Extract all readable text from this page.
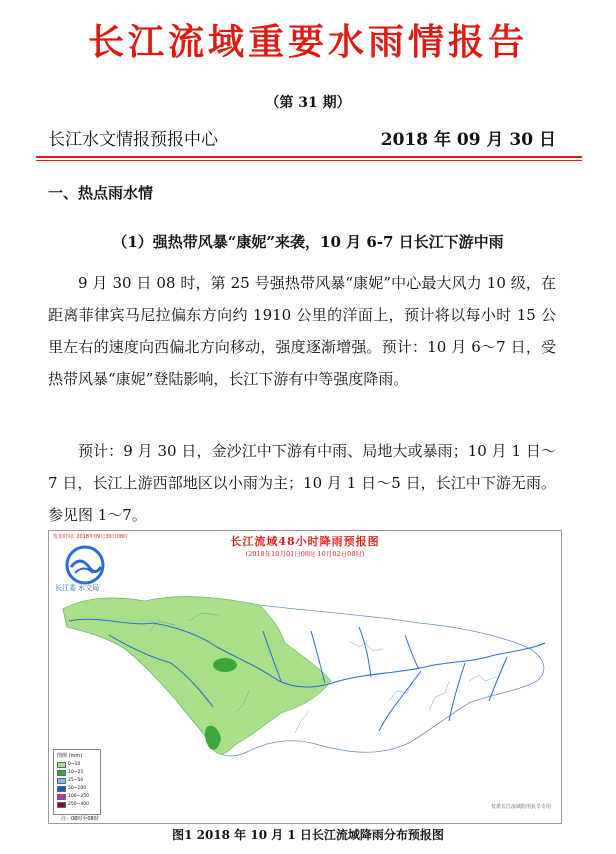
长江流域重要水雨情报告
（第 31 期）
长江水文情报预报中心	2018 年 09 月 30 日
一、热点雨水情
（1）强热带风暴“康妮”来袭，10 月 6-7 日长江下游中雨
9 月 30 日 08 时，第 25 号强热带风暴“康妮”中心最大风力 10 级，在距离菲律宾马尼拉偏东方向约 1910 公里的洋面上，预计将以每小时 15 公里左右的速度向西偏北方向移动，强度逐渐增强。预计：10 月 6～7 日，受热带风暴“康妮”登陆影响，长江下游有中等强度降雨。
预计：9 月 30 日，金沙江中下游有中雨、局地大或暴雨；10 月 1 日～7 日，长江上游西部地区以小雨为主；10 月 1 日～5 日，长江中下游无雨。参见图 1～7。
发布时间: 2018年09月30日08时	长江流域48小时降雨预报图
(2018年10月01日08时 10月02日08时)
长江委 水文局
图例 (mm)
0~10
10~25
25~50
50~100
100~250
250~400
注：08时至08时
仅供长江流域防汛抗旱专用
图1 2018 年 10 月 1 日长江流域降雨分布预报图
